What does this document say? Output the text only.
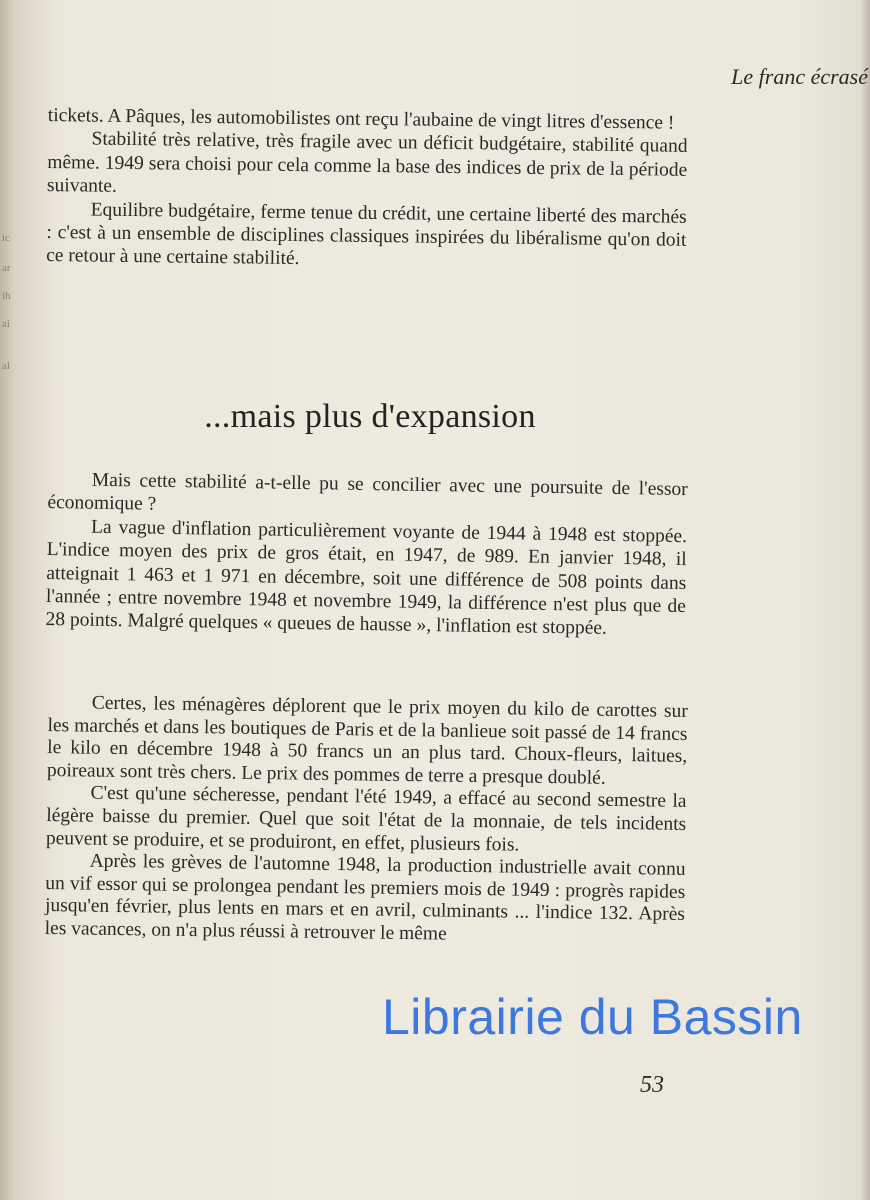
ic
ar
ih
ai
al
Le franc écrasé

tickets. A Pâques, les automobilistes ont reçu l'aubaine de vingt litres d'essence !

Stabilité très relative, très fragile avec un déficit budgétaire, stabilité quand même. 1949 sera choisi pour cela comme la base des indices de prix de la période suivante.

Equilibre budgétaire, ferme tenue du crédit, une certaine liberté des marchés : c'est à un ensemble de disciplines classiques inspirées du libéralisme qu'on doit ce retour à une certaine stabilité.

...mais plus d'expansion

Mais cette stabilité a-t-elle pu se concilier avec une poursuite de l'essor économique ?

La vague d'inflation particulièrement voyante de 1944 à 1948 est stoppée. L'indice moyen des prix de gros était, en 1947, de 989. En janvier 1948, il atteignait 1 463 et 1 971 en décembre, soit une différence de 508 points dans l'année ; entre novembre 1948 et novembre 1949, la différence n'est plus que de 28 points. Malgré quelques « queues de hausse », l'inflation est stoppée.

Certes, les ménagères déplorent que le prix moyen du kilo de carottes sur les marchés et dans les boutiques de Paris et de la banlieue soit passé de 14 francs le kilo en décembre 1948 à 50 francs un an plus tard. Choux-fleurs, laitues, poireaux sont très chers. Le prix des pommes de terre a presque doublé.

C'est qu'une sécheresse, pendant l'été 1949, a effacé au second semestre la légère baisse du premier. Quel que soit l'état de la monnaie, de tels incidents peuvent se produire, et se produiront, en effet, plusieurs fois.

Après les grèves de l'automne 1948, la production industrielle avait connu un vif essor qui se prolongea pendant les premiers mois de 1949 : progrès rapides jusqu'en février, plus lents en mars et en avril, culminants ... l'indice 132. Après les vacances, on n'a plus réussi à retrouver le même

53
Librairie du Bassin
